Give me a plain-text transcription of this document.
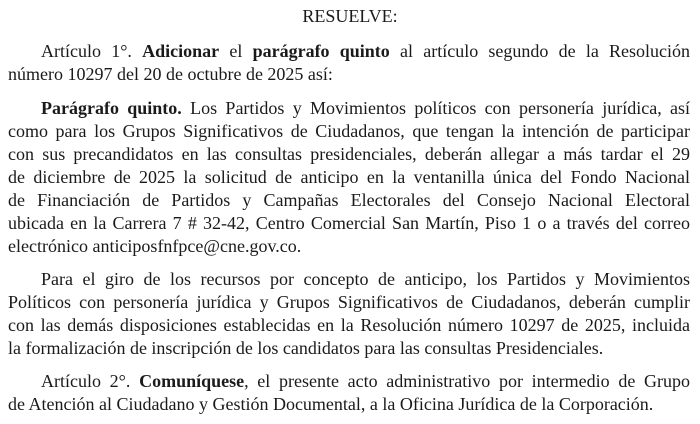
RESUELVE:
Artículo 1°. Adicionar el parágrafo quinto al artículo segundo de la Resolución
número 10297 del 20 de octubre de 2025 así:
Parágrafo quinto. Los Partidos y Movimientos políticos con personería jurídica, así
como para los Grupos Significativos de Ciudadanos, que tengan la intención de participar
con sus precandidatos en las consultas presidenciales, deberán allegar a más tardar el 29
de diciembre de 2025 la solicitud de anticipo en la ventanilla única del Fondo Nacional
de Financiación de Partidos y Campañas Electorales del Consejo Nacional Electoral
ubicada en la Carrera 7 # 32-42, Centro Comercial San Martín, Piso 1 o a través del correo
electrónico anticiposfnfpce@cne.gov.co.
Para el giro de los recursos por concepto de anticipo, los Partidos y Movimientos
Políticos con personería jurídica y Grupos Significativos de Ciudadanos, deberán cumplir
con las demás disposiciones establecidas en la Resolución número 10297 de 2025, incluida
la formalización de inscripción de los candidatos para las consultas Presidenciales.
Artículo 2°. Comuníquese, el presente acto administrativo por intermedio de Grupo
de Atención al Ciudadano y Gestión Documental, a la Oficina Jurídica de la Corporación.
